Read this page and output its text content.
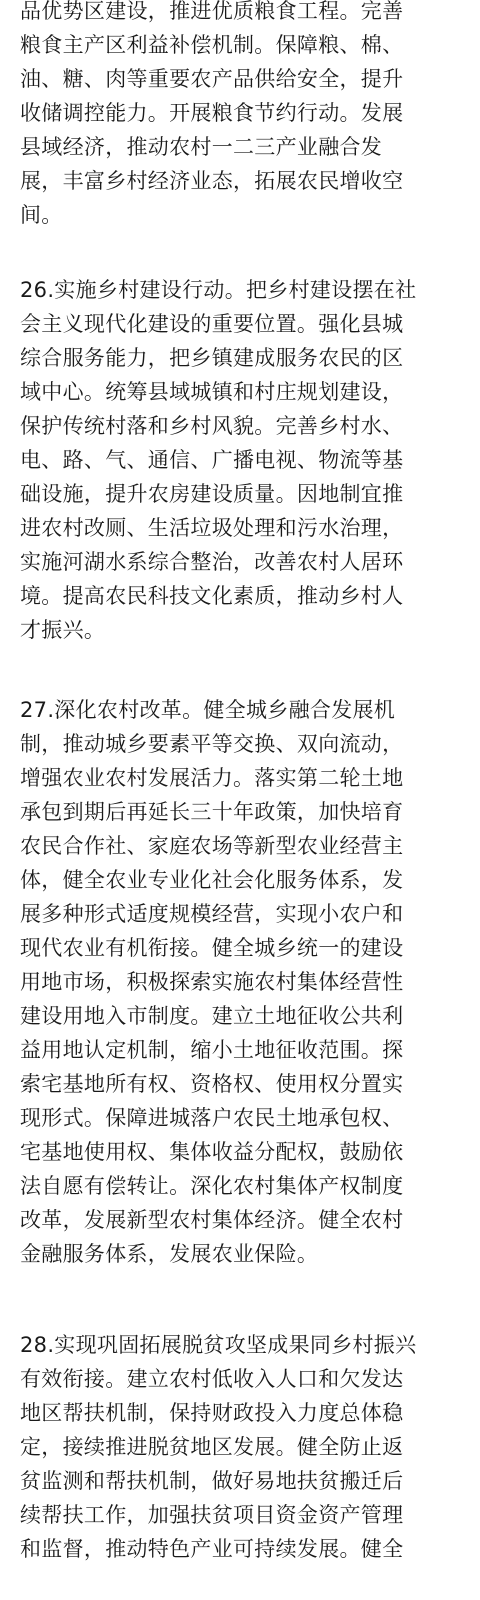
品优势区建设，推进优质粮食工程。完善
粮食主产区利益补偿机制。保障粮、棉、
油、糖、肉等重要农产品供给安全，提升
收储调控能力。开展粮食节约行动。发展
县域经济，推动农村一二三产业融合发
展，丰富乡村经济业态，拓展农民增收空
间。

26.实施乡村建设行动。把乡村建设摆在社
会主义现代化建设的重要位置。强化县城
综合服务能力，把乡镇建成服务农民的区
域中心。统筹县域城镇和村庄规划建设，
保护传统村落和乡村风貌。完善乡村水、
电、路、气、通信、广播电视、物流等基
础设施，提升农房建设质量。因地制宜推
进农村改厕、生活垃圾处理和污水治理，
实施河湖水系综合整治，改善农村人居环
境。提高农民科技文化素质，推动乡村人
才振兴。

27.深化农村改革。健全城乡融合发展机
制，推动城乡要素平等交换、双向流动，
增强农业农村发展活力。落实第二轮土地
承包到期后再延长三十年政策，加快培育
农民合作社、家庭农场等新型农业经营主
体，健全农业专业化社会化服务体系，发
展多种形式适度规模经营，实现小农户和
现代农业有机衔接。健全城乡统一的建设
用地市场，积极探索实施农村集体经营性
建设用地入市制度。建立土地征收公共利
益用地认定机制，缩小土地征收范围。探
索宅基地所有权、资格权、使用权分置实
现形式。保障进城落户农民土地承包权、
宅基地使用权、集体收益分配权，鼓励依
法自愿有偿转让。深化农村集体产权制度
改革，发展新型农村集体经济。健全农村
金融服务体系，发展农业保险。

28.实现巩固拓展脱贫攻坚成果同乡村振兴
有效衔接。建立农村低收入人口和欠发达
地区帮扶机制，保持财政投入力度总体稳
定，接续推进脱贫地区发展。健全防止返
贫监测和帮扶机制，做好易地扶贫搬迁后
续帮扶工作，加强扶贫项目资金资产管理
和监督，推动特色产业可持续发展。健全
